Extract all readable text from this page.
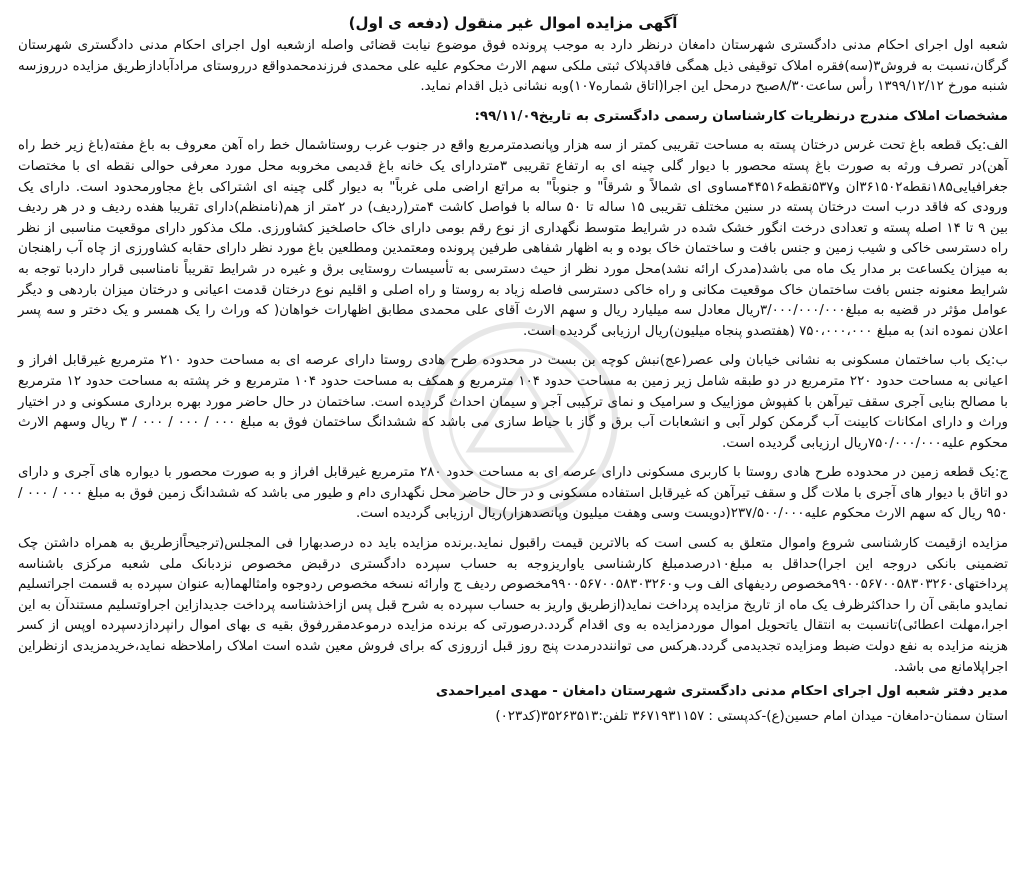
آگهی مزایده اموال غیر منقول (دفعه ی اول)

شعبه اول اجرای احکام مدنی دادگستری شهرستان دامغان درنظر دارد به موجب پرونده فوق موضوع نیابت قضائی واصله ازشعبه اول اجرای احکام مدنی دادگستری شهرستان گرگان،نسبت به فروش۳(سه)فقره املاک توقیفی ذیل همگی فاقدپلاک ثبتی ملکی سهم الارث محکوم علیه علی محمدی فرزندمحمدواقع درروستای مرادآبادازطریق مزایده درروزسه شنبه مورخ ۱۳۹۹/۱۲/۱۲ رأس ساعت۸/۳۰صبح درمحل این اجرا(اتاق شماره۱۰۷)وبه نشانی ذیل اقدام نماید.

مشخصات املاک مندرج درنظریات کارشناسان رسمی دادگستری به تاریخ۹۹/۱۱/۰۹:

الف:یک قطعه باغ تحت غرس درختان پسته به مساحت تقریبی کمتر از سه هزار وپانصدمترمربع واقع در جنوب غرب روستاشمال خط راه آهن معروف به باغ مفته(باغ زیر خط راه آهن)در تصرف ورثه به صورت باغ پسته محصور با دیوار گلی چینه ای به ارتفاع تقریبی ۳متردارای یک خانه باغ قدیمی مخروبه محل مورد معرفی حوالی نقطه ای با مختصات جغرافیایی۱۸۵نقطه۳۶۱۵۰۲ان و۵۳۷نقطه۴۴۵۱۶مساوی ای شمالاً و شرقاً" و جنوباً" به مراتع اراضی ملی غرباً" به دیوار گلی چینه ای اشتراکی باغ مجاورمحدود است. دارای یک ورودی که فاقد درب است درختان پسته در سنین مختلف تقریبی ۱۵ ساله تا ۵۰ ساله با فواصل کاشت ۴متر(ردیف) در ۲متر از هم(نامنظم)دارای تقریبا هفده ردیف و در هر ردیف بین ۹ تا ۱۴ اصله پسته و تعدادی درخت انگور خشک شده در شرایط متوسط نگهداری از نوع رقم بومی دارای خاک حاصلخیز کشاورزی. ملک مذکور دارای موقعیت مناسبی از نظر راه دسترسی خاکی و شیب زمین و جنس بافت و ساختمان خاک بوده و به اظهار شفاهی طرفین پرونده ومعتمدین ومطلعین باغ مورد نظر دارای حقابه کشاورزی از چاه آب راهنجان به میزان یکساعت بر مدار یک ماه می باشد(مدرک ارائه نشد)محل مورد نظر از حیث دسترسی به تأسیسات روستایی برق و غیره در شرایط تقریباً نامناسبی قرار داردبا توجه به شرایط معنونه جنس بافت ساختمان خاک موقعیت مکانی و راه خاکی دسترسی فاصله زیاد به روستا و راه اصلی و اقلیم نوع درختان قدمت اعیانی و درختان میزان باردهی و دیگر عوامل مؤثر در قضیه به مبلغ۳/۰۰۰/۰۰۰/۰۰۰ریال معادل سه میلیارد ریال و سهم الارث آقای علی محمدی مطابق اظهارات خواهان( که وراث را یک همسر و یک دختر و سه پسر اعلان نموده اند) به مبلغ ۷۵۰،۰۰۰،۰۰۰ (هفتصدو پنجاه میلیون)ریال ارزیابی گردیده است.

ب:یک باب ساختمان مسکونی به نشانی خیابان ولی عصر(عج)نبش کوچه بن بست در محدوده طرح هادی روستا دارای عرصه ای به مساحت حدود ۲۱۰ مترمربع غیرقابل افراز و اعیانی به مساحت حدود ۲۲۰ مترمربع در دو طبقه شامل زیر زمین به مساحت حدود ۱۰۴ مترمربع و همکف به مساحت حدود ۱۰۴ مترمربع و خر پشته به مساحت حدود ۱۲ مترمربع با مصالح بنایی آجری سقف تیرآهن با کفپوش موزاییک و سرامیک و نمای ترکیبی آجر و سیمان احداث گردیده است. ساختمان در حال حاضر مورد بهره برداری مسکونی و در اختیار وراث و دارای امکانات کابینت آب گرمکن کولر آبی و انشعابات آب برق و گاز با حیاط سازی می باشد که ششدانگ ساختمان فوق به مبلغ ۰۰۰ / ۰۰۰ / ۰۰۰ / ۳ ریال وسهم الارث محکوم علیه۷۵۰/۰۰۰/۰۰۰ریال ارزیابی گردیده است.

ج:یک قطعه زمین در محدوده طرح هادی روستا با کاربری مسکونی دارای عرصه ای به مساحت حدود ۲۸۰ مترمربع غیرقابل افراز و به صورت محصور با دیواره های آجری و دارای دو اتاق با دیوار های آجری با ملات گل و سقف تیرآهن که غیرقابل استفاده مسکونی و در حال حاضر محل نگهداری دام و طیور می باشد که ششدانگ زمین فوق به مبلغ ۰۰۰ / ۰۰۰ / ۹۵۰ ریال که سهم الارث محکوم علیه۲۳۷/۵۰۰/۰۰۰(دویست وسی وهفت میلیون وپانصدهزار)ریال ارزیابی گردیده است.

مزایده ازقیمت کارشناسی شروع واموال متعلق به کسی است که بالاترین قیمت راقبول نماید.برنده مزایده باید ده درصدبهارا فی المجلس(ترجیحاًازطریق به همراه داشتن چک تضمینی بانکی دروجه این اجرا)حداقل به مبلغ۱۰درصدمبلغ کارشناسی یاواریزوجه به حساب سپرده دادگستری درقبض مخصوص نزدبانک ملی شعبه مرکزی باشناسه پرداختهای۹۹۰۰۵۶۷۰۰۵۸۳۰۳۲۶۰مخصوص ردیفهای الف وب و۹۹۰۰۵۶۷۰۰۵۸۳۰۳۲۶۰مخصوص ردیف ج وارائه نسخه مخصوص ردوجوه وامثالهما(به عنوان سپرده به قسمت اجراتسلیم نمایدو مابقی آن را حداکثرظرف یک ماه از تاریخ مزایده پرداخت نماید(ازطریق واریز به حساب سپرده به شرح قبل پس ازاخذشناسه پرداخت جدیدازاین اجراوتسلیم مستندآن به این اجرا،مهلت اعطائی)تانسبت به انتقال یاتحویل اموال موردمزایده به وی اقدام گردد.درصورتی که برنده مزایده درموعدمقررفوق بقیه ی بهای اموال رانپردازدسپرده اوپس از کسر هزینه مزایده به نفع دولت ضبط ومزایده تجدیدمی گردد.هرکس می تواننددرمدت پنج روز قبل ازروزی که برای فروش معین شده است املاک راملاحظه نماید،خریدمزیدی ازنظراین اجراپلامانع می باشد.

مدیر دفتر شعبه اول اجرای احکام مدنی دادگستری شهرستان دامغان - مهدی امیراحمدی

استان سمنان-دامغان- میدان امام حسین(ع)-کدپستی : ۳۶۷۱۹۳۱۱۵۷ تلفن:۳۵۲۶۳۵۱۳(کد۰۲۳)
